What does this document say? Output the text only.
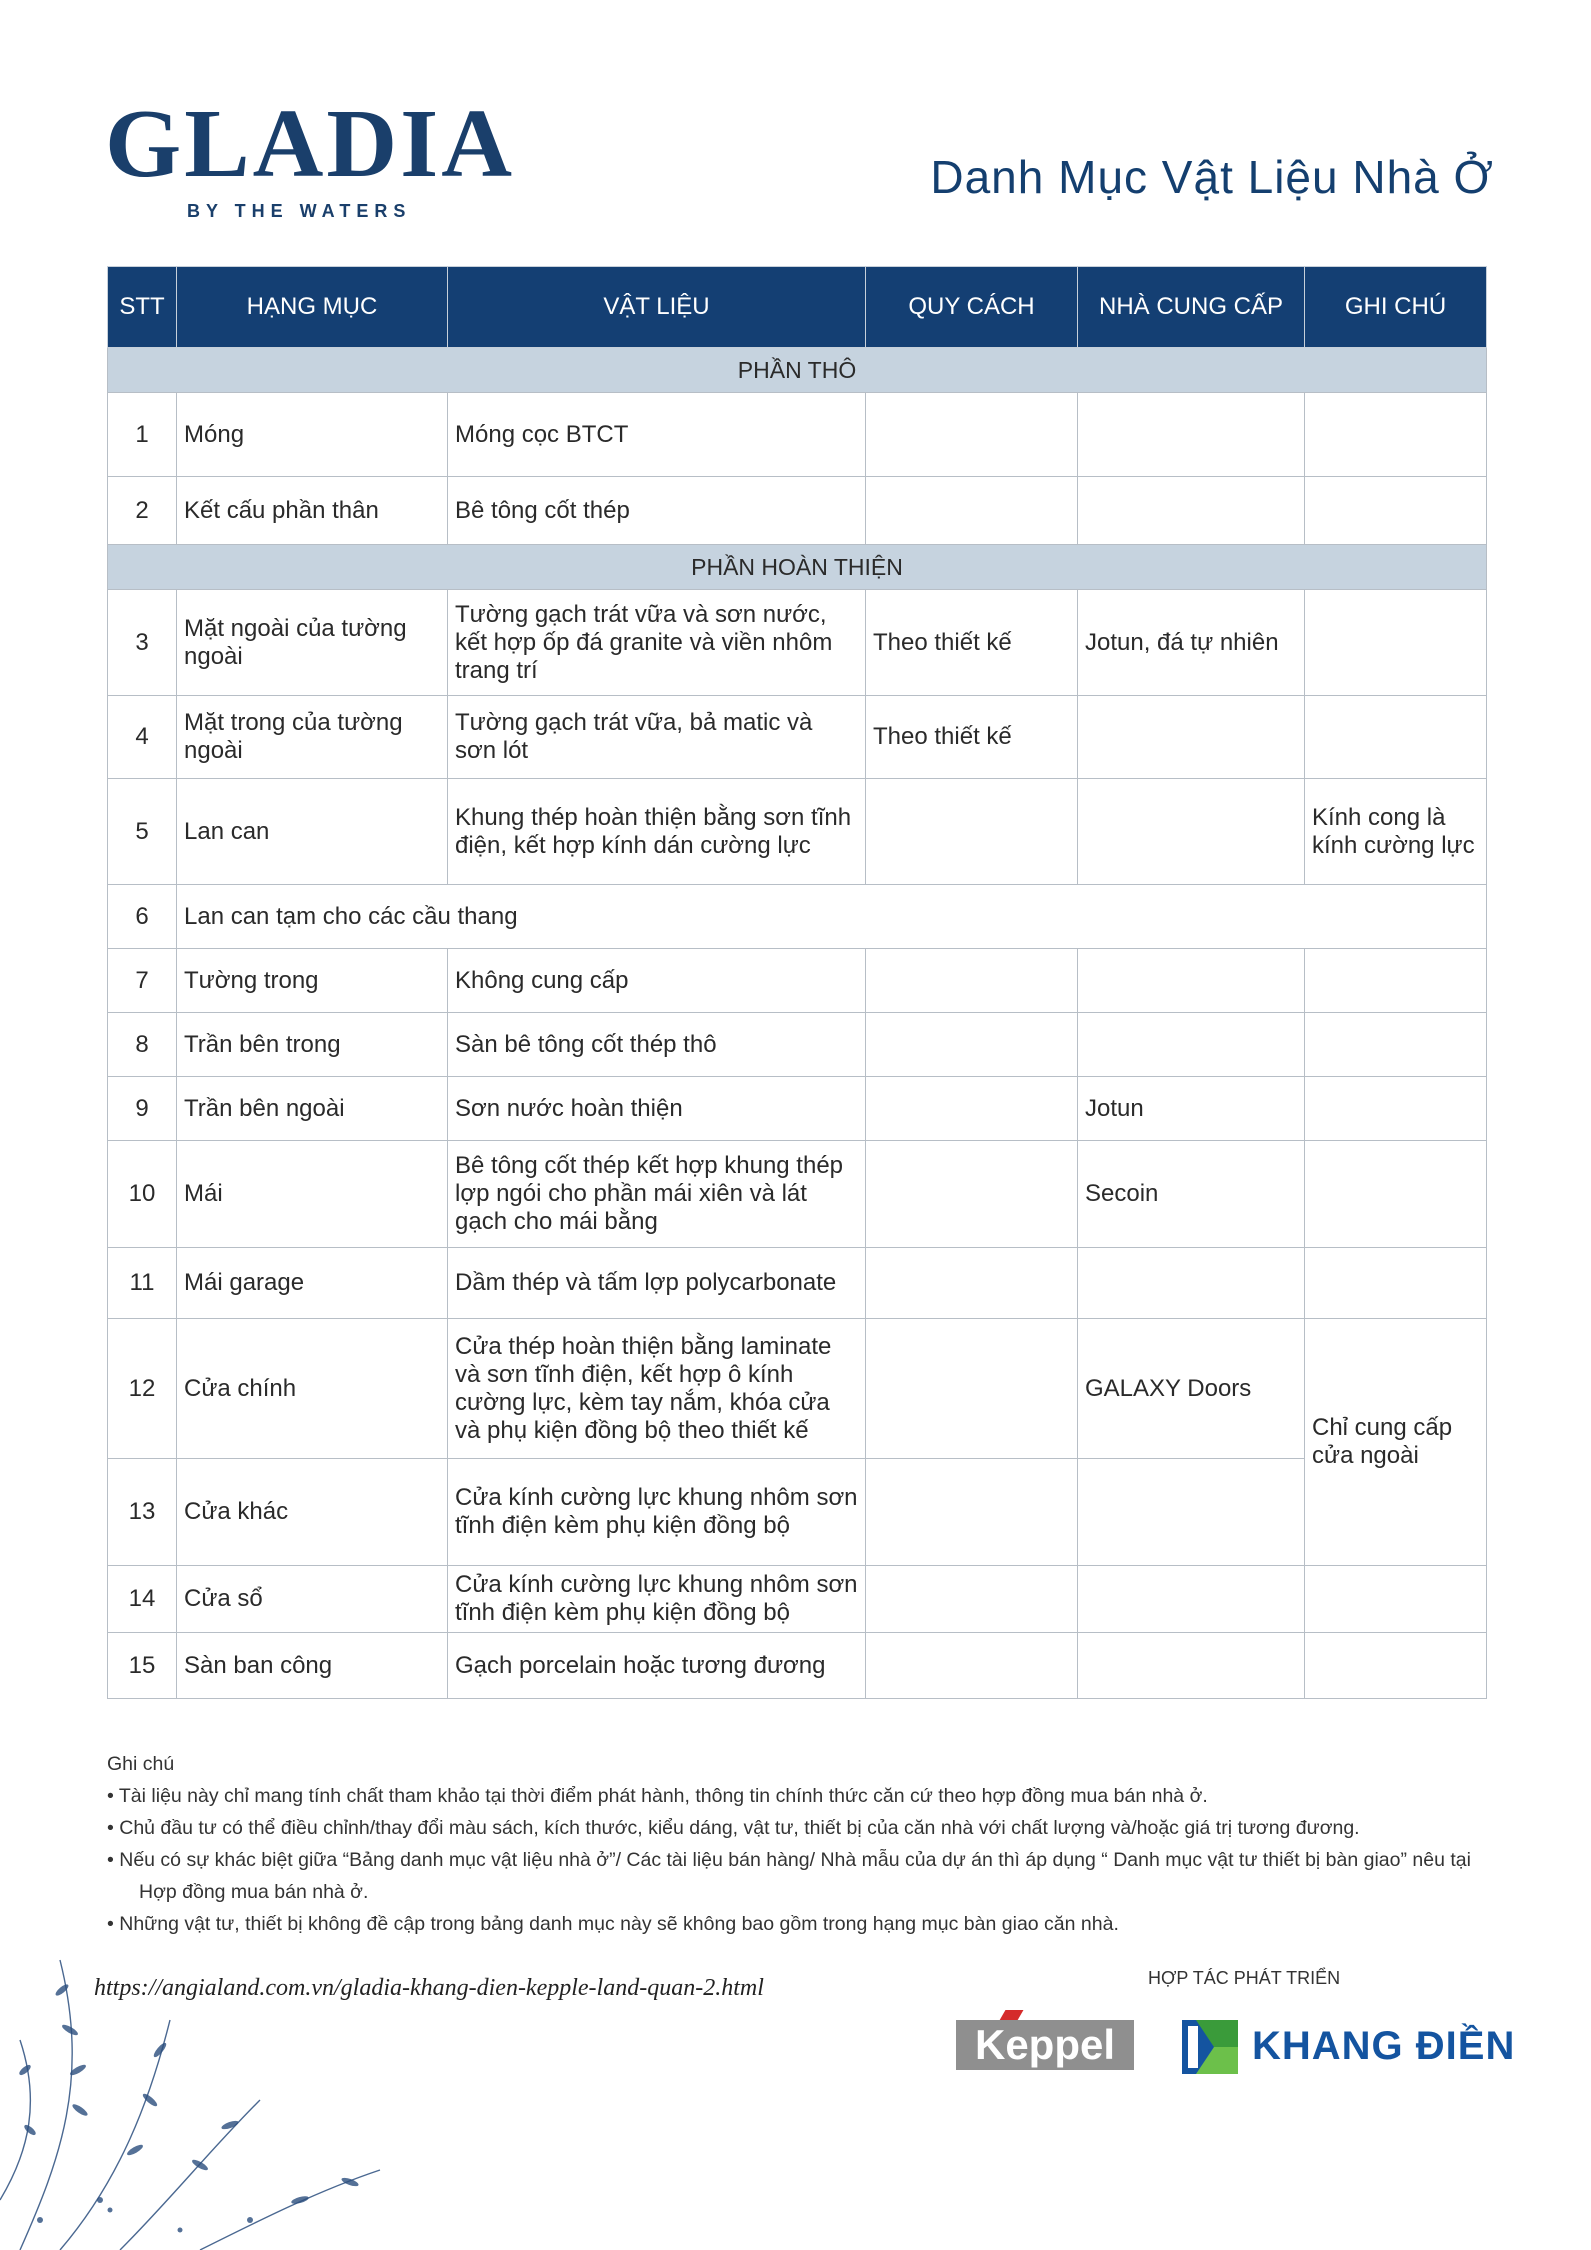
GLADIA
BY THE WATERS
Danh Mục Vật Liệu Nhà Ở
STT	HẠNG MỤC	VẬT LIỆU	QUY CÁCH	NHÀ CUNG CẤP	GHI CHÚ
PHẦN THÔ					
1	Móng	Móng cọc BTCT			
2	Kết cấu phần thân	Bê tông cốt thép			
PHẦN HOÀN THIỆN					
3	Mặt ngoài của tường ngoài	Tường gạch trát vữa và sơn nước, kết hợp ốp đá granite và viền nhôm trang trí	Theo thiết kế	Jotun, đá tự nhiên	
4	Mặt trong của tường ngoài	Tường gạch trát vữa, bả matic và sơn lót	Theo thiết kế		
5	Lan can	Khung thép hoàn thiện bằng sơn tĩnh điện, kết hợp kính dán cường lực			Kính cong là kính cường lực
6	Lan can tạm cho các cầu thang				
7	Tường trong	Không cung cấp			
8	Trần bên trong	Sàn bê tông cốt thép thô			
9	Trần bên ngoài	Sơn nước hoàn thiện		Jotun	
10	Mái	Bê tông cốt thép kết hợp khung thép lợp ngói cho phần mái xiên và lát gạch cho mái bằng		Secoin	
11	Mái garage	Dầm thép và tấm lợp polycarbonate			
12	Cửa chính	Cửa thép hoàn thiện bằng laminate và sơn tĩnh điện, kết hợp ô kính cường lực, kèm tay nắm, khóa cửa và phụ kiện đồng bộ theo thiết kế		GALAXY Doors	Chỉ cung cấp cửa ngoài
13	Cửa khác	Cửa kính cường lực khung nhôm sơn tĩnh điện kèm phụ kiện đồng bộ			
14	Cửa sổ	Cửa kính cường lực khung nhôm sơn tĩnh điện kèm phụ kiện đồng bộ			
15	Sàn ban công	Gạch porcelain hoặc tương đương			
Ghi chú
• Tài liệu này chỉ mang tính chất tham khảo tại thời điểm phát hành, thông tin chính thức căn cứ theo hợp đồng mua bán nhà ở.
• Chủ đầu tư có thể điều chỉnh/thay đổi màu sách, kích thước, kiểu dáng, vật tư, thiết bị của căn nhà với chất lượng và/hoặc giá trị tương đương.
• Nếu có sự khác biệt giữa “Bảng danh mục vật liệu nhà ở”/ Các tài liệu bán hàng/ Nhà mẫu của dự án thì áp dụng “ Danh mục vật tư thiết bị bàn giao” nêu tại
Hợp đồng mua bán nhà ở.
• Những vật tư, thiết bị không đề cập trong bảng danh mục này sẽ không bao gồm trong hạng mục bàn giao căn nhà.
https://angialand.com.vn/gladia-khang-dien-kepple-land-quan-2.html	HỢP TÁC PHÁT TRIỂN
Keppel	KHANG ĐIỀN
